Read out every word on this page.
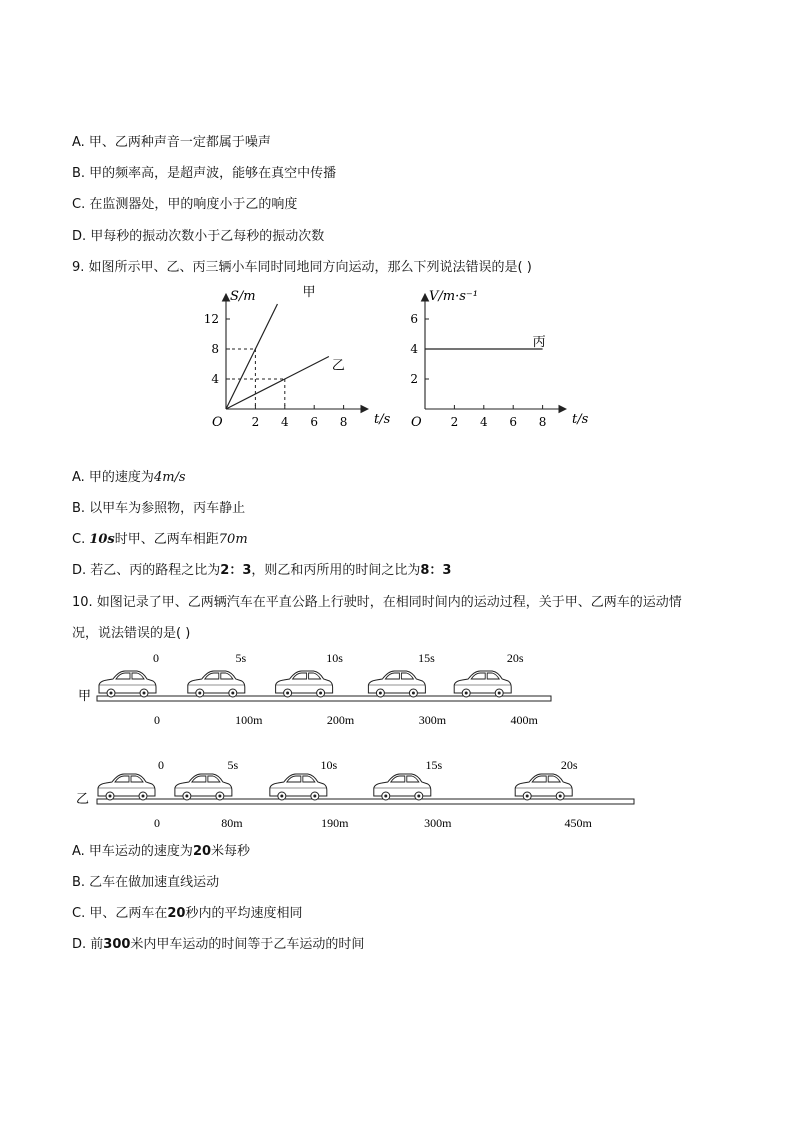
A. 甲、乙两种声音一定都属于噪声
B. 甲的频率高，是超声波，能够在真空中传播
C. 在监测器处，甲的响度小于乙的响度
D. 甲每秒的振动次数小于乙每秒的振动次数
9. 如图所示甲、乙、丙三辆小车同时同地同方向运动，那么下列说法错误的是( )
O 2 4 6 8
4
8
12
t/s
S/m	甲
乙
O 2 4 6 8
2
4
6
t/s
V/m·s⁻¹
丙
A. 甲的速度为4m/s
B. 以甲车为参照物，丙车静止
C. 10s时甲、乙两车相距70m
D. 若乙、丙的路程之比为2：3，则乙和丙所用的时间之比为8：3
10. 如图记录了甲、乙两辆汽车在平直公路上行驶时，在相同时间内的运动过程，关于甲、乙两车的运动情
况，说法错误的是( )
甲
0
0
5s
100m
10s
200m
15s
300m
20s
400m
乙
0
0
5s
80m
10s
190m
15s
300m
20s
450m
A. 甲车运动的速度为20米每秒
B. 乙车在做加速直线运动
C. 甲、乙两车在20秒内的平均速度相同
D. 前300米内甲车运动的时间等于乙车运动的时间
